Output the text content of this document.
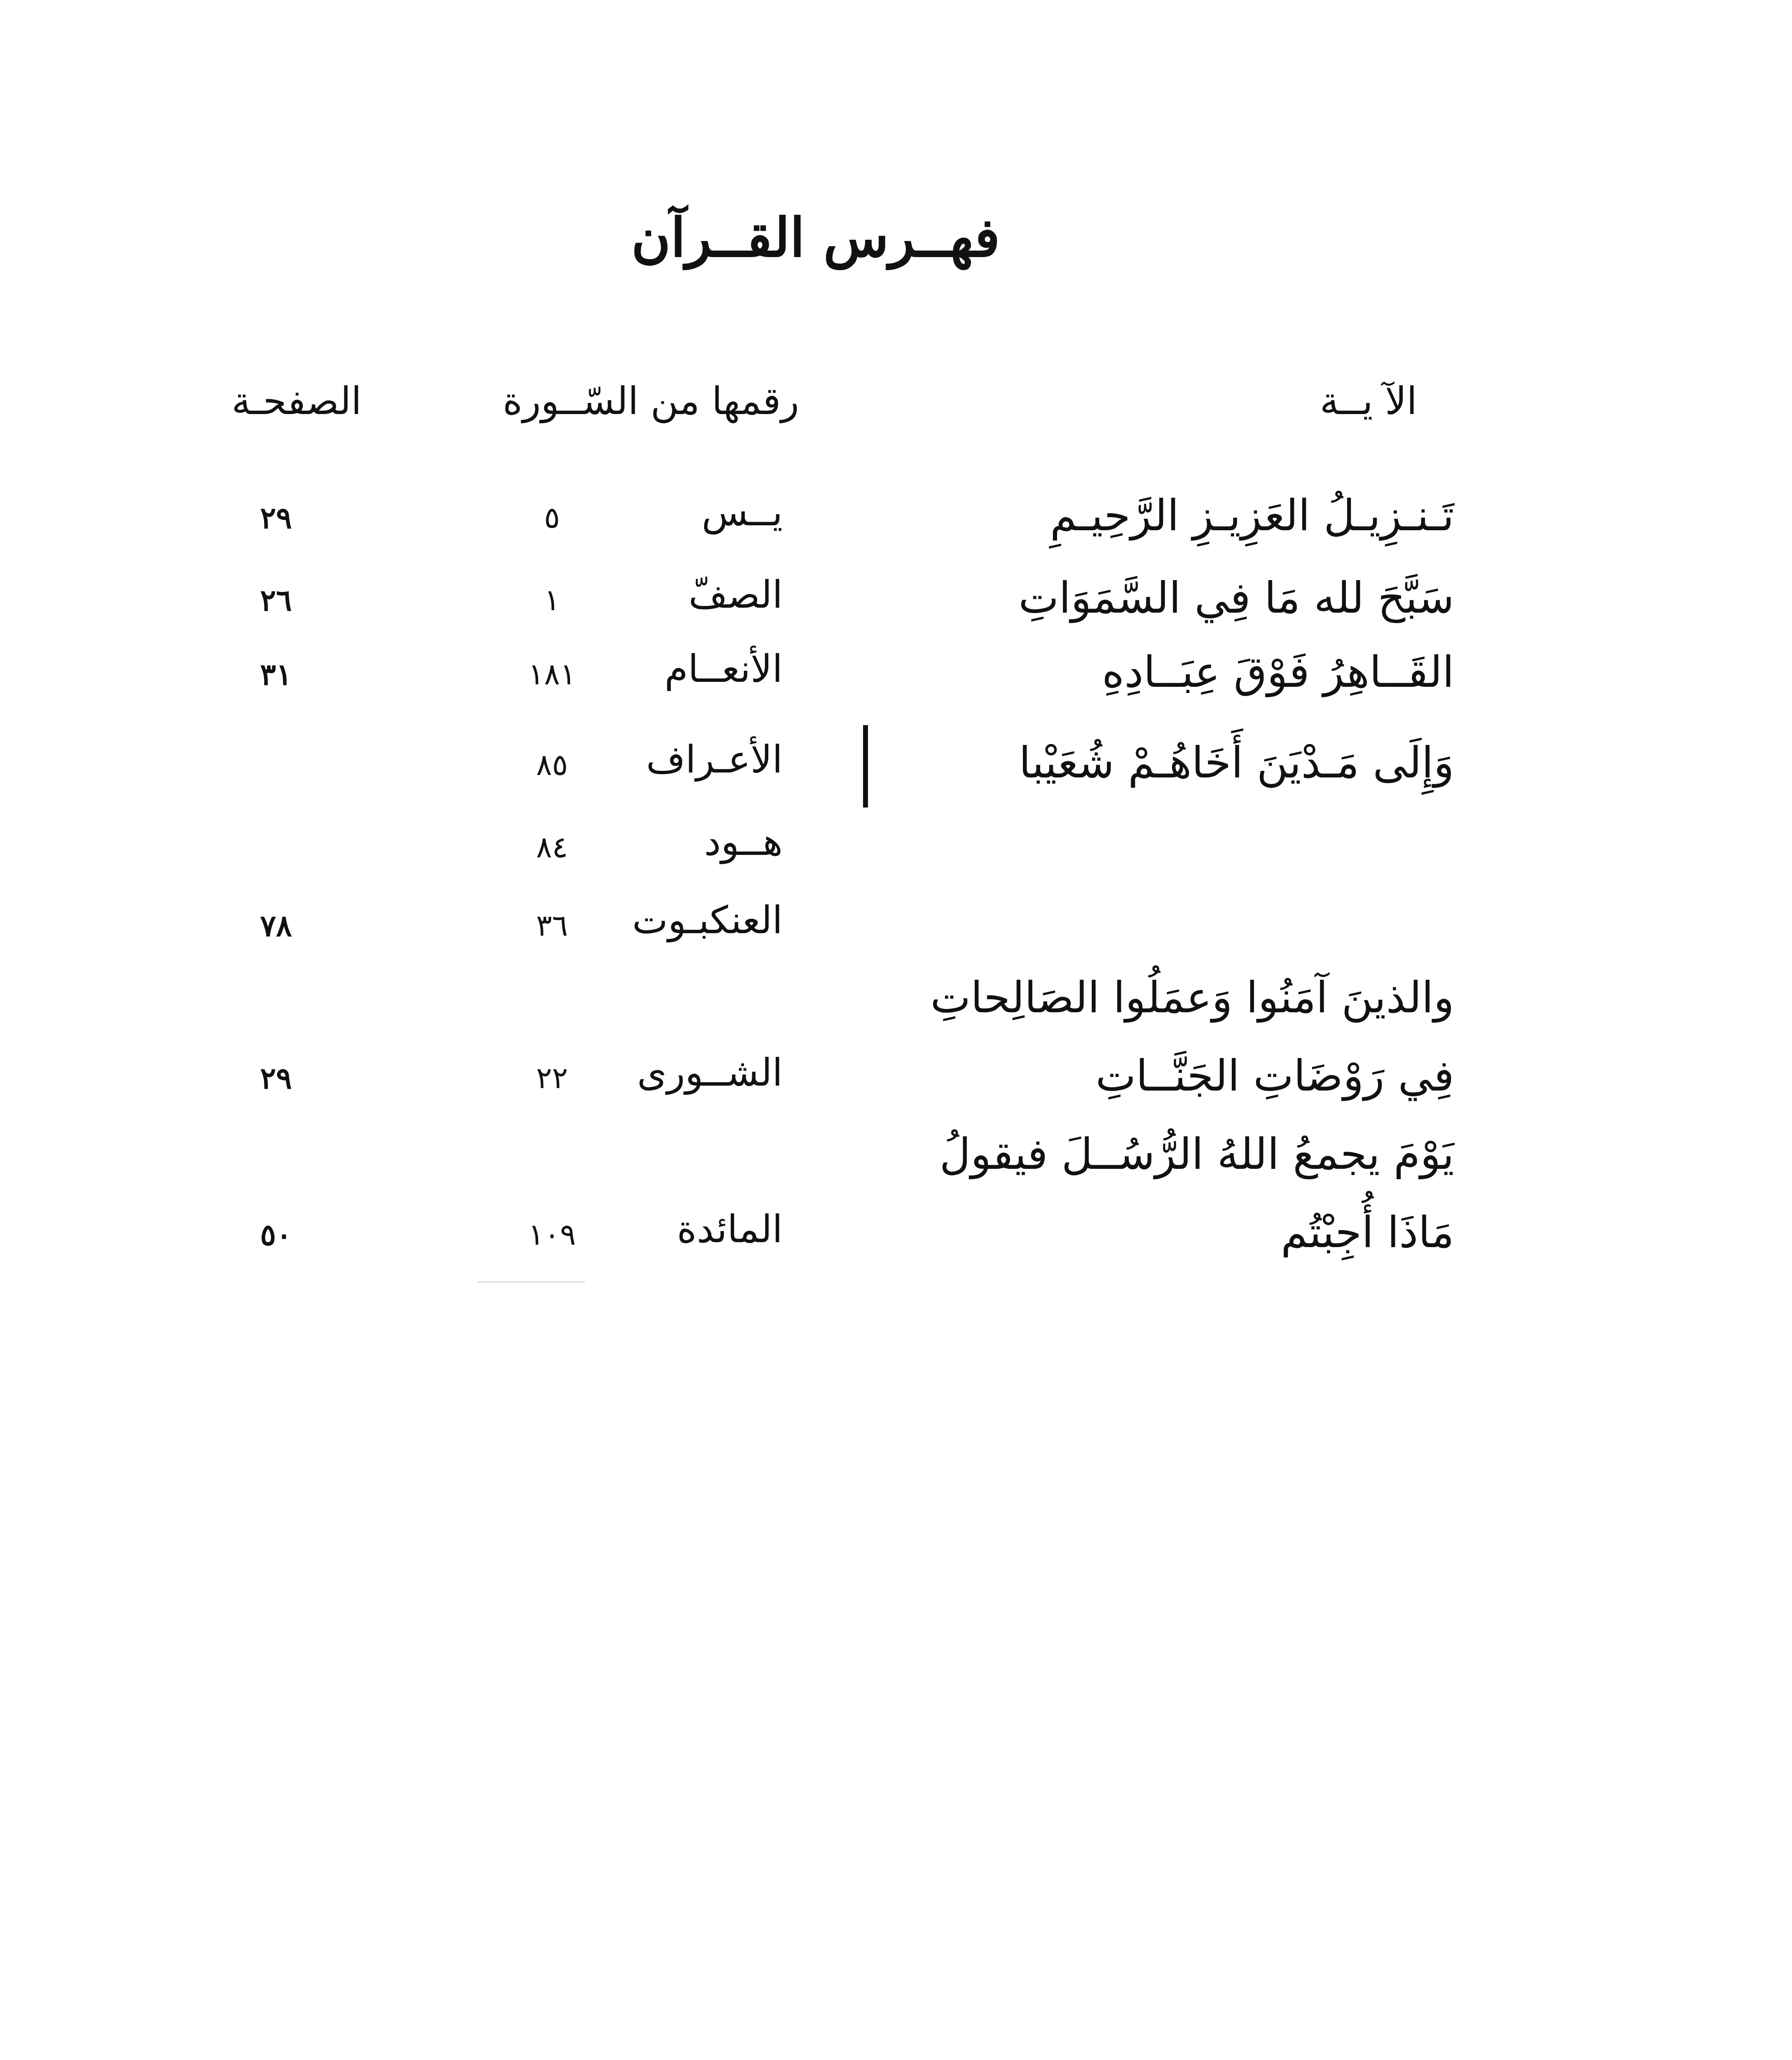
فهــرس القــرآن
الصفحـة	رقمها من السّــورة	الآ يــة
تَـنـزِيـلُ العَزِيـزِ الرَّحِيـمِ
يــس
٥
٢٩
سَبَّحَ لله مَا فِي السَّمَوَاتِ
الصفّ
١
٢٦
القَــاهِرُ فَوْقَ عِبَــادِهِ
الأنعــام
١٨١
٣١
وَإِلَى مَـدْيَنَ أَخَاهُـمْ شُعَيْبا
الأعـراف
٨٥
هــود
٨٤
العنكبـوت
٣٦
٧٨
والذينَ آمَنُوا وَعمَلُوا الصَالِحاتِ
فِي رَوْضَاتِ الجَنَّــاتِ
الشــورى
٢٢
٢٩
يَوْمَ يجمعُ اللهُ الرُّسُــلَ فيقولُ
مَاذَا أُجِبْتُم
المائدة
١٠٩
٥٠
